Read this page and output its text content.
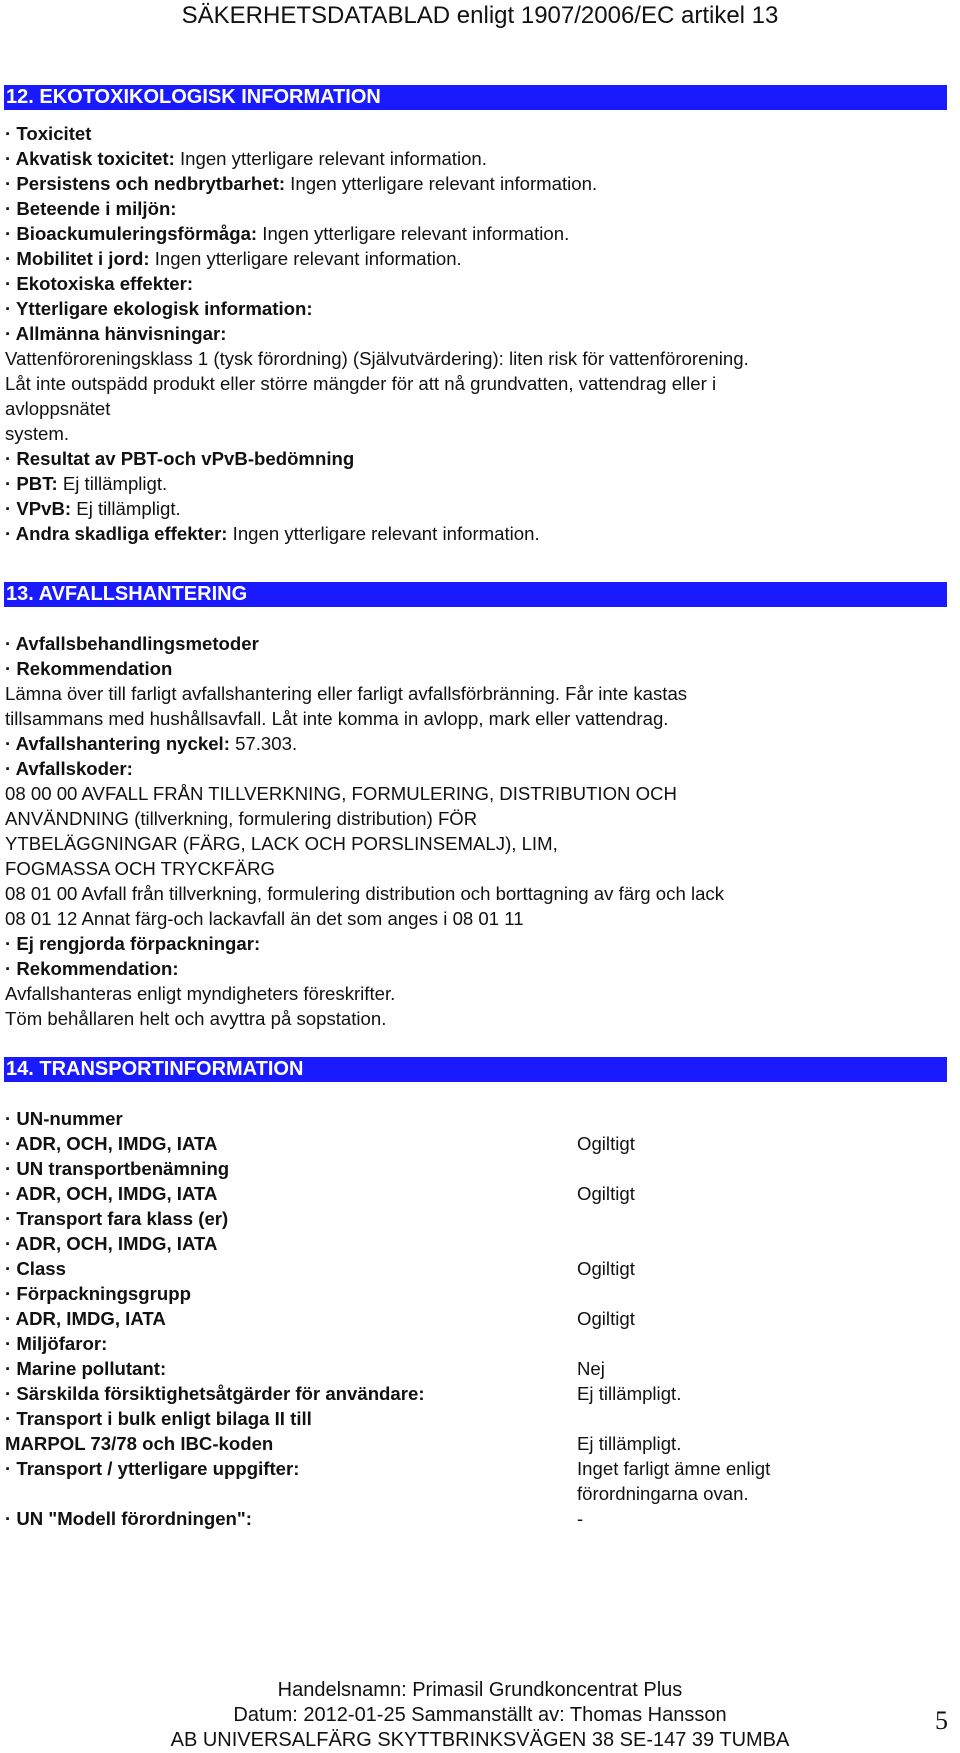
SÄKERHETSDATABLAD enligt 1907/2006/EC artikel 13
12. EKOTOXIKOLOGISK INFORMATION
· Toxicitet
· Akvatisk toxicitet: Ingen ytterligare relevant information.
· Persistens och nedbrytbarhet: Ingen ytterligare relevant information.
· Beteende i miljön:
· Bioackumuleringsförmåga: Ingen ytterligare relevant information.
· Mobilitet i jord: Ingen ytterligare relevant information.
· Ekotoxiska effekter:
· Ytterligare ekologisk information:
· Allmänna hänvisningar:
Vattenföroreningsklass 1 (tysk förordning) (Självutvärdering): liten risk för vattenförorening.
Låt inte outspädd produkt eller större mängder för att nå grundvatten, vattendrag eller i
avloppsnätet
system.
· Resultat av PBT-och vPvB-bedömning
· PBT: Ej tillämpligt.
· VPvB: Ej tillämpligt.
· Andra skadliga effekter: Ingen ytterligare relevant information.
13. AVFALLSHANTERING
· Avfallsbehandlingsmetoder
· Rekommendation
Lämna över till farligt avfallshantering eller farligt avfallsförbränning. Får inte kastas
tillsammans med hushållsavfall. Låt inte komma in avlopp, mark eller vattendrag.
· Avfallshantering nyckel: 57.303.
· Avfallskoder:
08 00 00 AVFALL FRÅN TILLVERKNING, FORMULERING, DISTRIBUTION OCH
ANVÄNDNING (tillverkning, formulering distribution) FÖR
YTBELÄGGNINGAR (FÄRG, LACK OCH PORSLINSEMALJ), LIM,
FOGMASSA OCH TRYCKFÄRG
08 01 00 Avfall från tillverkning, formulering distribution och borttagning av färg och lack
08 01 12 Annat färg-och lackavfall än det som anges i 08 01 11
· Ej rengjorda förpackningar:
· Rekommendation:
Avfallshanteras enligt myndigheters föreskrifter.
Töm behållaren helt och avyttra på sopstation.
14. TRANSPORTINFORMATION
· UN-nummer
· ADR, OCH, IMDG, IATA	Ogiltigt
· UN transportbenämning
· ADR, OCH, IMDG, IATA	Ogiltigt
· Transport fara klass (er)
· ADR, OCH, IMDG, IATA
· Class	Ogiltigt
· Förpackningsgrupp
· ADR, IMDG, IATA	Ogiltigt
· Miljöfaror:
· Marine pollutant:	Nej
· Särskilda försiktighetsåtgärder för användare:	Ej tillämpligt.
· Transport i bulk enligt bilaga II till
MARPOL 73/78 och IBC-koden	Ej tillämpligt.
· Transport / ytterligare uppgifter:	Inget farligt ämne enligt
förordningarna ovan.
· UN "Modell förordningen":	-
Handelsnamn: Primasil Grundkoncentrat Plus
Datum: 2012-01-25 Sammanställt av: Thomas Hansson
AB UNIVERSALFÄRG SKYTTBRINKSVÄGEN 38 SE-147 39 TUMBA
5
